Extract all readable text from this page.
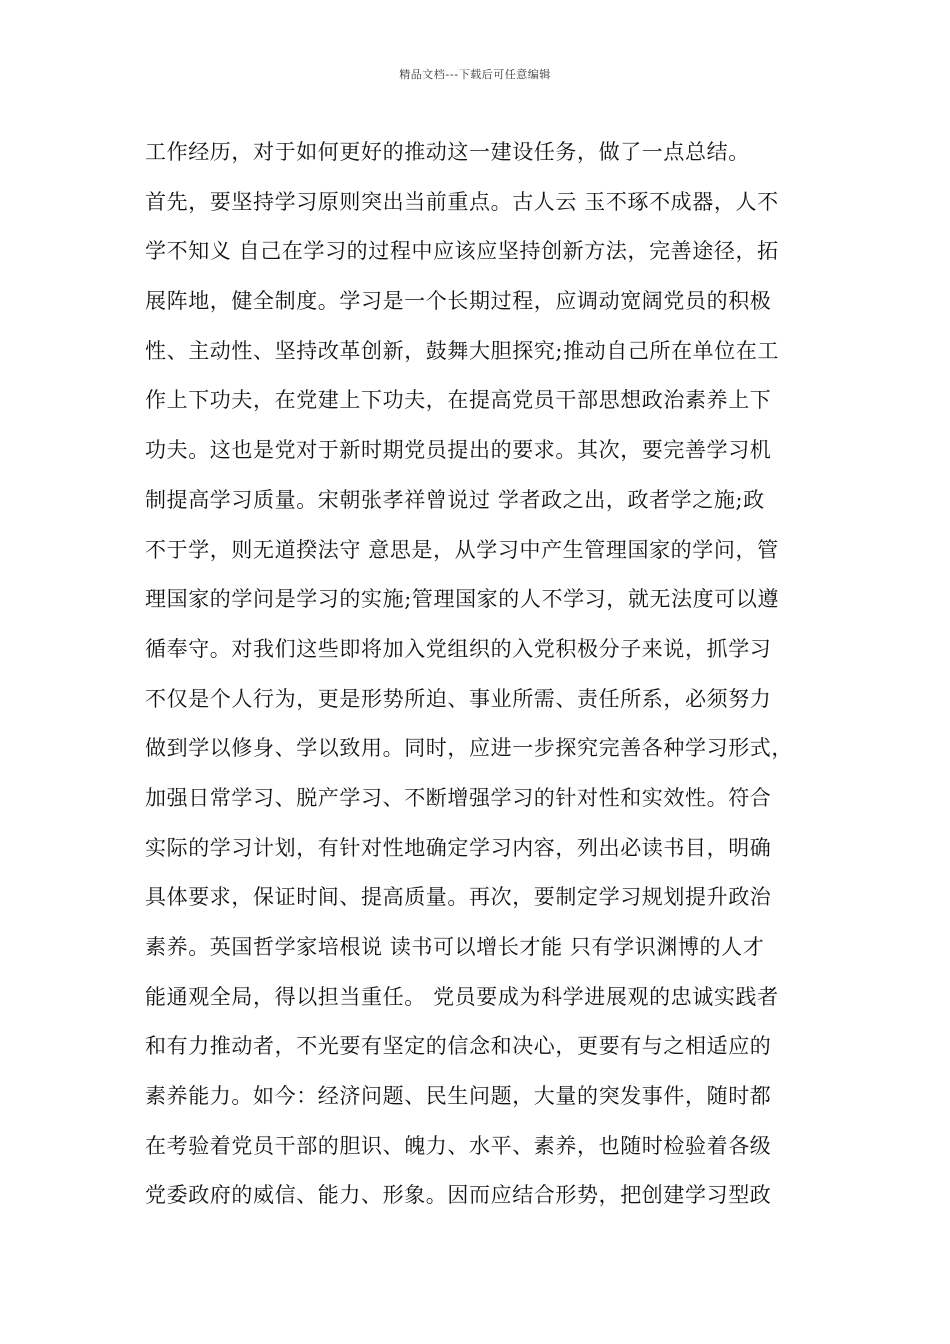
精品文档---下载后可任意编辑
工作经历，对于如何更好的推动这一建设任务，做了一点总结。
首先，要坚持学习原则突出当前重点。古人云 玉不琢不成器，人不
学不知义 自己在学习的过程中应该应坚持创新方法，完善途径，拓
展阵地，健全制度。学习是一个长期过程，应调动宽阔党员的积极
性、主动性、坚持改革创新，鼓舞大胆探究;推动自己所在单位在工
作上下功夫，在党建上下功夫，在提高党员干部思想政治素养上下
功夫。这也是党对于新时期党员提出的要求。其次，要完善学习机
制提高学习质量。宋朝张孝祥曾说过 学者政之出，政者学之施;政
不于学，则无道揆法守 意思是，从学习中产生管理国家的学问，管
理国家的学问是学习的实施;管理国家的人不学习，就无法度可以遵
循奉守。对我们这些即将加入党组织的入党积极分子来说，抓学习
不仅是个人行为，更是形势所迫、事业所需、责任所系，必须努力
做到学以修身、学以致用。同时，应进一步探究完善各种学习形式，
加强日常学习、脱产学习、不断增强学习的针对性和实效性。符合
实际的学习计划，有针对性地确定学习内容，列出必读书目，明确
具体要求，保证时间、提高质量。再次，要制定学习规划提升政治
素养。英国哲学家培根说 读书可以增长才能 只有学识渊博的人才
能通观全局，得以担当重任。 党员要成为科学进展观的忠诚实践者
和有力推动者，不光要有坚定的信念和决心，更要有与之相适应的
素养能力。如今：经济问题、民生问题，大量的突发事件，随时都
在考验着党员干部的胆识、魄力、水平、素养，也随时检验着各级
党委政府的威信、能力、形象。因而应结合形势，把创建学习型政
